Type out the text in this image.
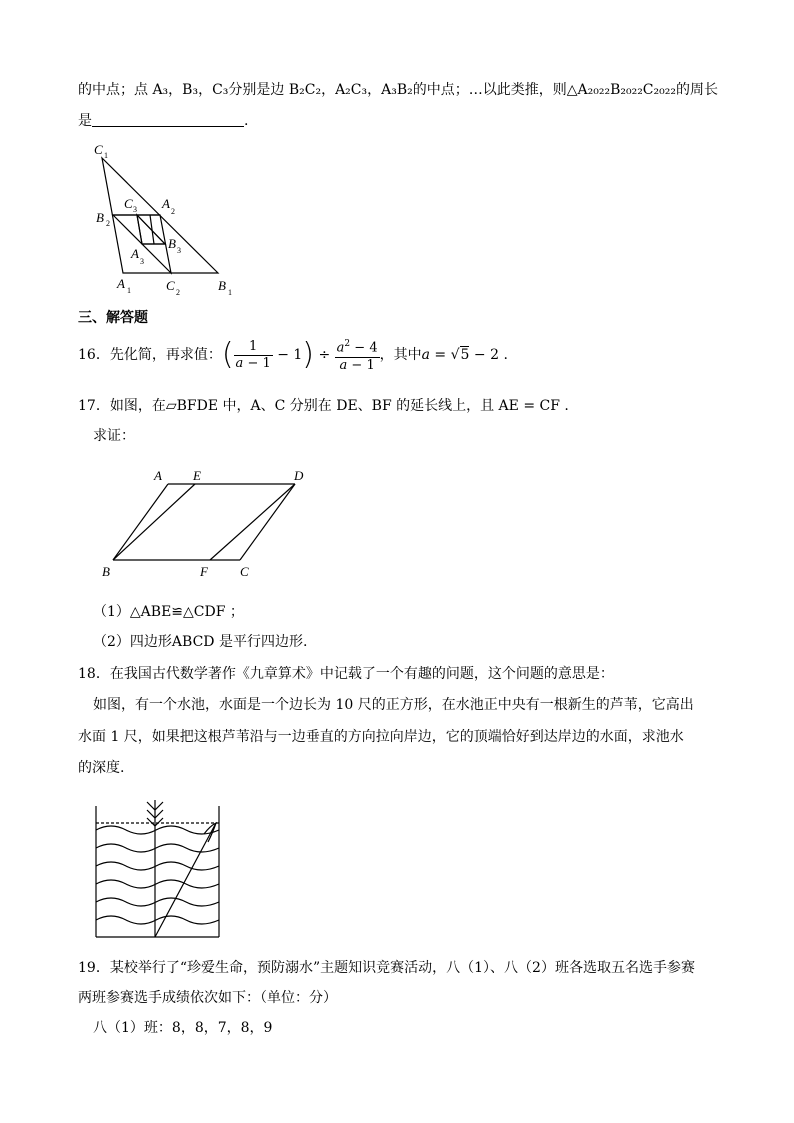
的中点；点 A₃，B₃，C₃分别是边 B₂C₂，A₂C₃，A₃B₂的中点；…以此类推，则△A₂₀₂₂B₂₀₂₂C₂₀₂₂的周长
是	.
C 1
B 2
C 3 A
2
B 3
A
3
A 1	C 2	B 1
三、解答题
16．先化简，再求值：( $\frac{1}{a - 1} - 1) \div \frac{a^2 - 4}{a - 1}$ ，其中a = √5 − 2 .
17．如图，在▱BFDE 中，A、C 分别在 DE、BF 的延长线上，且 AE = CF .
求证：
A E	D
B	F C
（1）△ABE≌△CDF ；
（2）四边形ABCD 是平行四边形.
18．在我国古代数学著作《九章算术》中记载了一个有趣的问题，这个问题的意思是：
如图，有一个水池，水面是一个边长为 10 尺的正方形，在水池正中央有一根新生的芦苇，它高出
水面 1 尺，如果把这根芦苇沿与一边垂直的方向拉向岸边，它的顶端恰好到达岸边的水面，求池水
的深度.
19．某校举行了“珍爱生命，预防溺水”主题知识竞赛活动，八（1）、八（2）班各选取五名选手参赛
两班参赛选手成绩依次如下：（单位：分）
八（1）班：8，8，7，8，9
